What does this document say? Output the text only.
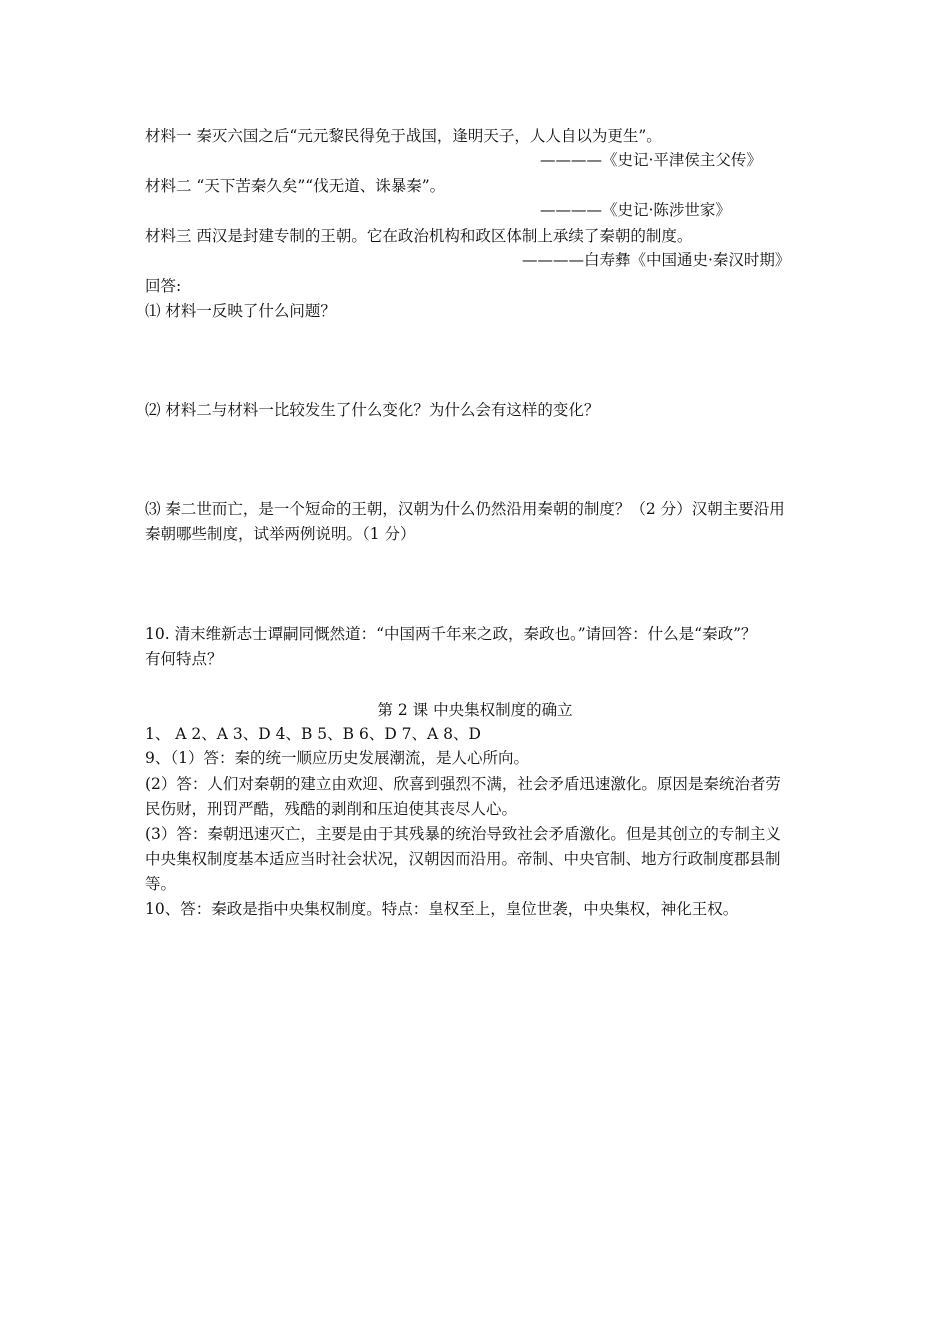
材料一 秦灭六国之后“元元黎民得免于战国，逢明天子，人人自以为更生”。
————《史记·平津侯主父传》
材料二 “天下苦秦久矣”“伐无道、诛暴秦”。
————《史记·陈涉世家》
材料三 西汉是封建专制的王朝。它在政治机构和政区体制上承续了秦朝的制度。
————白寿彝《中国通史·秦汉时期》
回答:
⑴ 材料一反映了什么问题？
⑵ 材料二与材料一比较发生了什么变化？为什么会有这样的变化？
⑶ 秦二世而亡，是一个短命的王朝，汉朝为什么仍然沿用秦朝的制度？（2 分）汉朝主要沿用
秦朝哪些制度，试举两例说明。（1 分）
10. 清末维新志士谭嗣同慨然道：“中国两千年来之政，秦政也。”请回答：什么是“秦政”？
有何特点？
第 2 课 中央集权制度的确立
1、 A 2、A 3、D 4、B 5、B 6、D 7、A 8、D
9、（1）答：秦的统一顺应历史发展潮流，是人心所向。
(2）答：人们对秦朝的建立由欢迎、欣喜到强烈不满，社会矛盾迅速激化。原因是秦统治者劳
民伤财，刑罚严酷，残酷的剥削和压迫使其丧尽人心。
(3）答：秦朝迅速灭亡，主要是由于其残暴的统治导致社会矛盾激化。但是其创立的专制主义
中央集权制度基本适应当时社会状况，汉朝因而沿用。帝制、中央官制、地方行政制度郡县制
等。
10、答：秦政是指中央集权制度。特点：皇权至上，皇位世袭，中央集权，神化王权。
